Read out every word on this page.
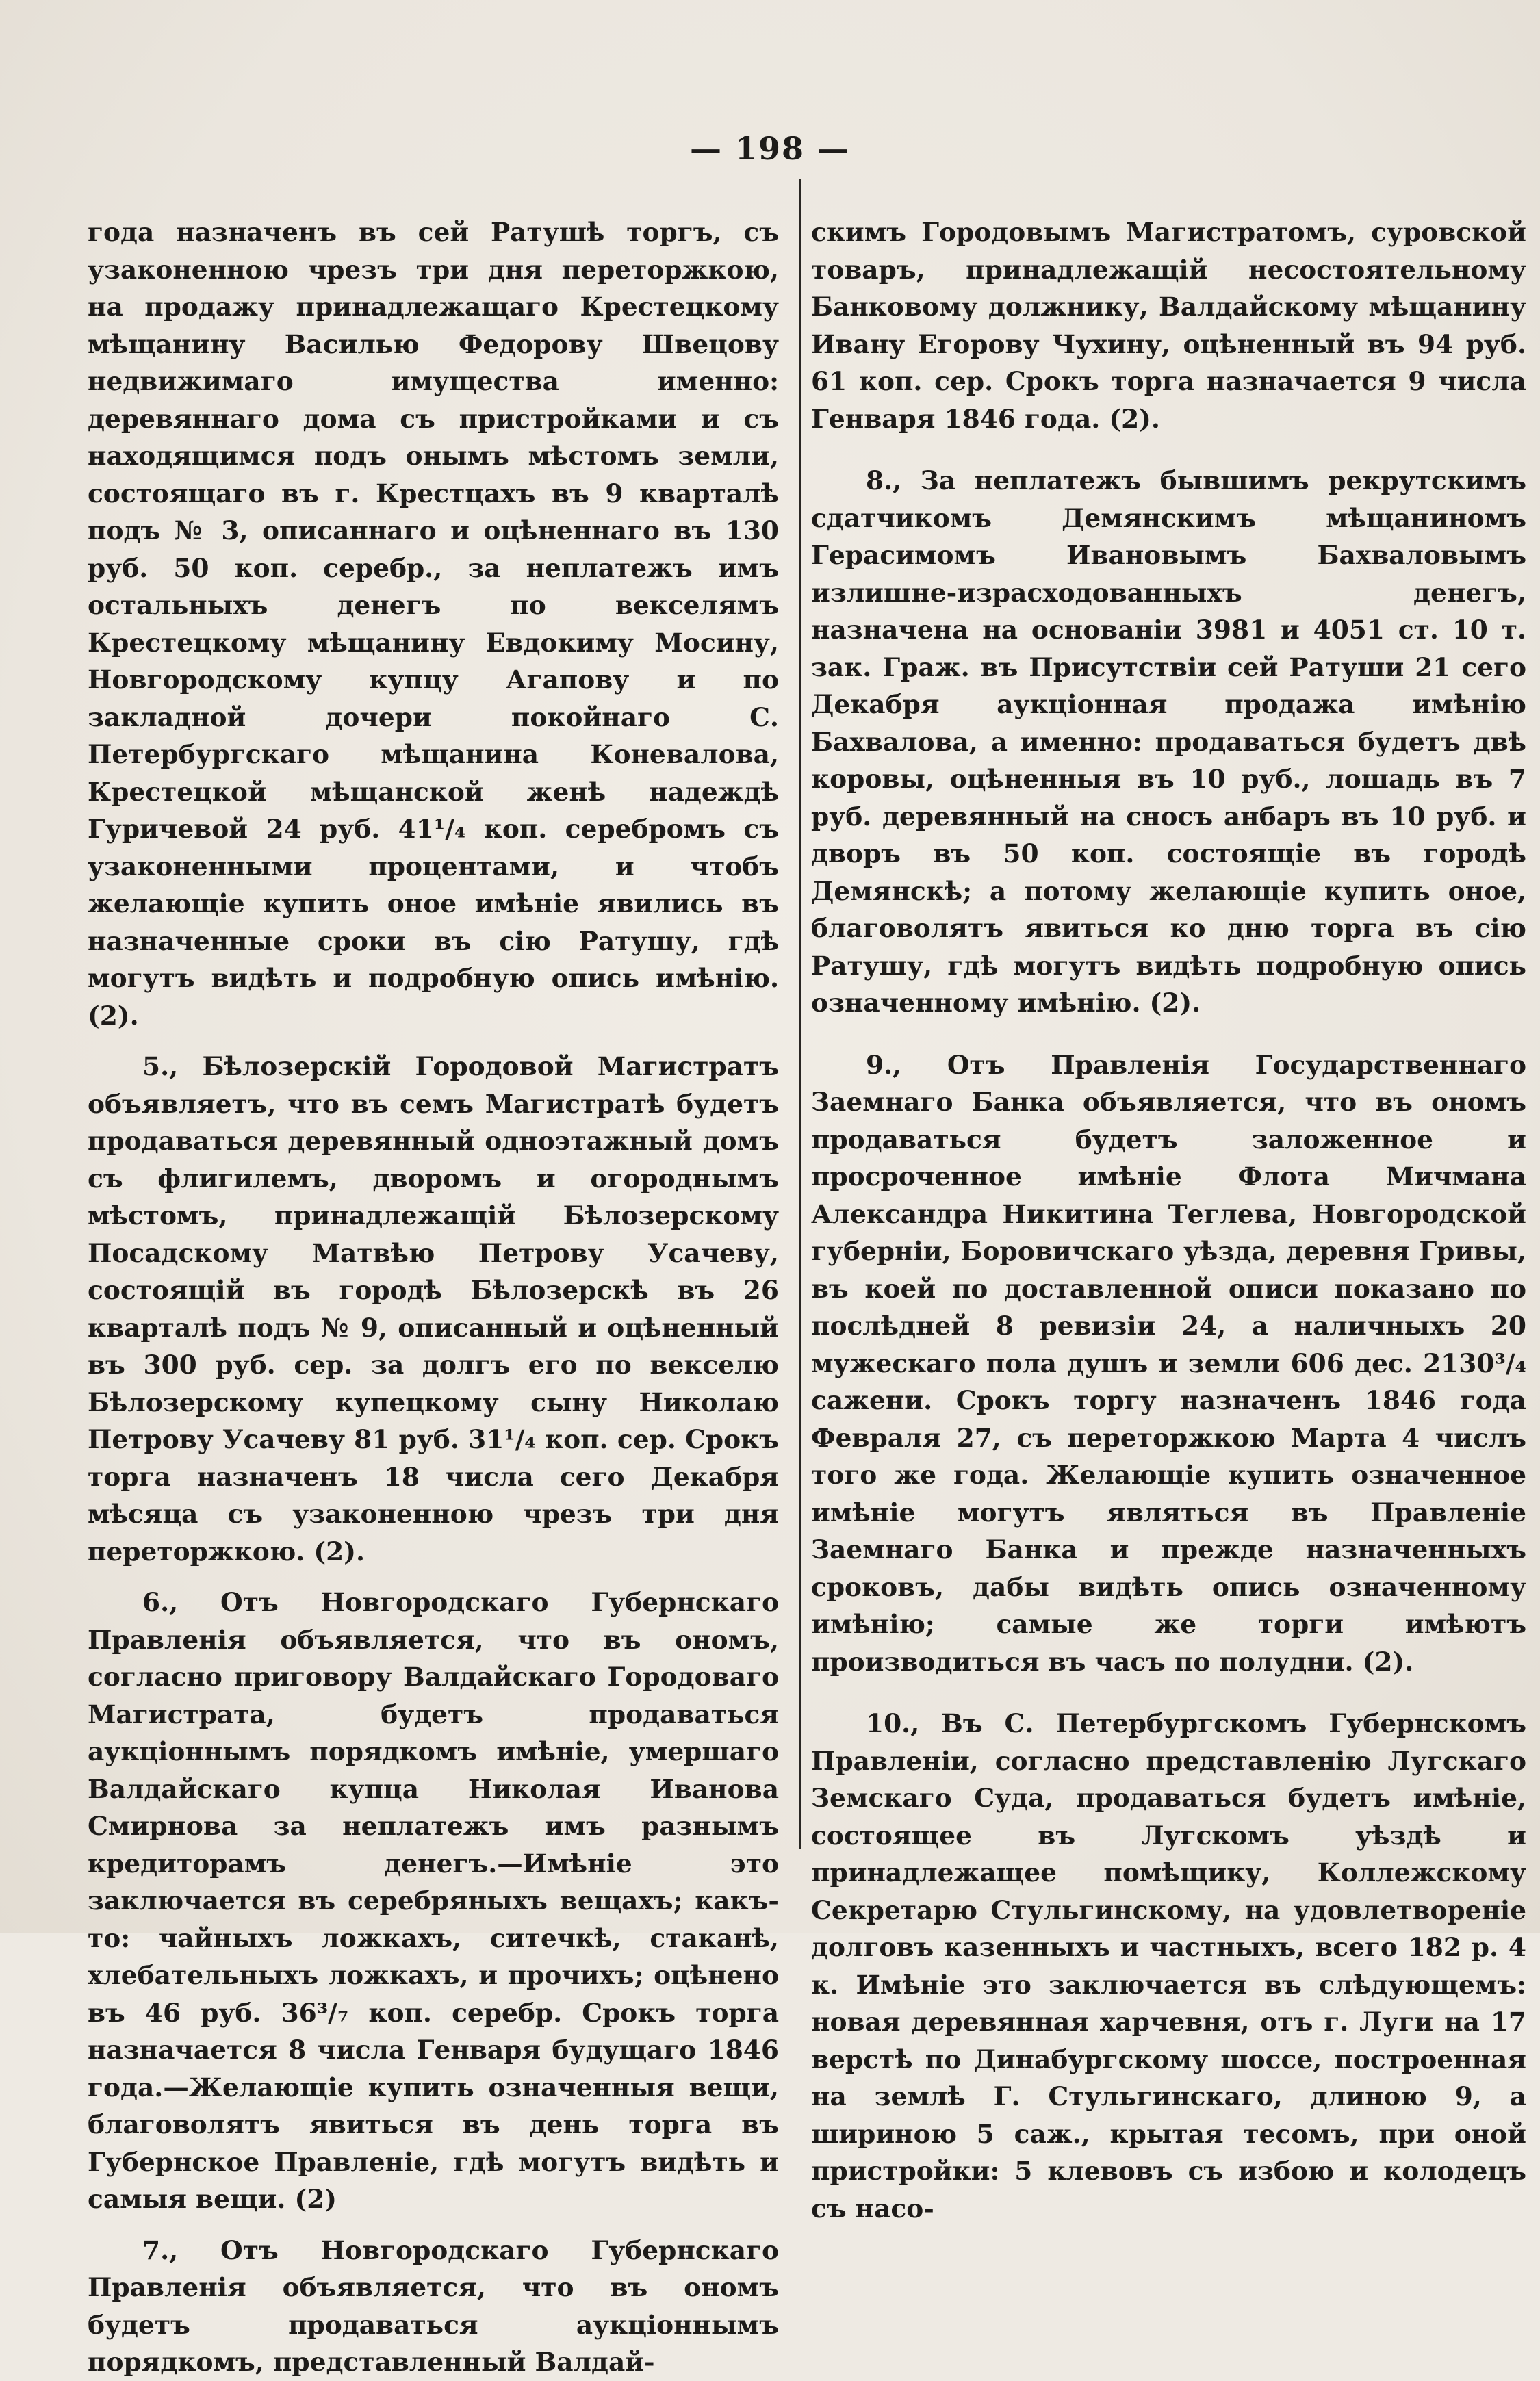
— 198 —

года назначенъ въ сей Ратушѣ торгъ, съ узаконенною чрезъ три дня переторжкою, на продажу принадлежащаго Крестецкому мѣщанину Василью Федорову Швецову недвижимаго имущества именно: деревяннаго дома съ пристройками и съ находящимся подъ онымъ мѣстомъ земли, состоящаго въ г. Крестцахъ въ 9 кварталѣ подъ № 3, описаннаго и оцѣненнаго въ 130 руб. 50 коп. серебр., за неплатежъ имъ остальныхъ денегъ по векселямъ Крестецкому мѣщанину Евдокиму Мосину, Новгородскому купцу Агапову и по закладной дочери покойнаго С. Петербургскаго мѣщанина Коневалова, Крестецкой мѣщанской женѣ надеждѣ Гуричевой 24 руб. 41¹/₄ коп. серебромъ съ узаконенными процентами, и чтобъ желающіе купить оное имѣніе явились въ назначенные сроки въ сію Ратушу, гдѣ могутъ видѣть и подробную опись имѣнію. (2).

5., Бѣлозерскій Городовой Магистратъ объявляетъ, что въ семъ Магистратѣ будетъ продаваться деревянный одноэтажный домъ съ флигилемъ, дворомъ и огороднымъ мѣстомъ, принадлежащій Бѣлозерскому Посадскому Матвѣю Петрову Усачеву, состоящій въ городѣ Бѣлозерскѣ въ 26 кварталѣ подъ № 9, описанный и оцѣненный въ 300 руб. сер. за долгъ его по векселю Бѣлозерскому купецкому сыну Николаю Петрову Усачеву 81 руб. 31¹/₄ коп. сер. Срокъ торга назначенъ 18 числа сего Декабря мѣсяца съ узаконенною чрезъ три дня переторжкою. (2).

6., Отъ Новгородскаго Губернскаго Правленія объявляется, что въ ономъ, согласно приговору Валдайскаго Городоваго Магистрата, будетъ продаваться аукціоннымъ порядкомъ имѣніе, умершаго Валдайскаго купца Николая Иванова Смирнова за неплатежъ имъ разнымъ кредиторамъ денегъ.—Имѣніе это заключается въ серебряныхъ вещахъ; какъ-то: чайныхъ ложкахъ, ситечкѣ, стаканѣ, хлебательныхъ ложкахъ, и прочихъ; оцѣнено въ 46 руб. 36³/₇ коп. серебр. Срокъ торга назначается 8 числа Генваря будущаго 1846 года.—Желающіе купить означенныя вещи, благоволятъ явиться въ день торга въ Губернское Правленіе, гдѣ могутъ видѣть и самыя вещи. (2)

7., Отъ Новгородскаго Губернскаго Правленія объявляется, что въ ономъ будетъ продаваться аукціоннымъ порядкомъ, представленный Валдай-

скимъ Городовымъ Магистратомъ, суровской товаръ, принадлежащій несостоятельному Банковому должнику, Валдайскому мѣщанину Ивану Егорову Чухину, оцѣненный въ 94 руб. 61 коп. сер. Срокъ торга назначается 9 числа Генваря 1846 года. (2).

8., За неплатежъ бывшимъ рекрутскимъ сдатчикомъ Демянскимъ мѣщаниномъ Герасимомъ Ивановымъ Бахваловымъ излишне-израсходованныхъ денегъ, назначена на основаніи 3981 и 4051 ст. 10 т. зак. Граж. въ Присутствіи сей Ратуши 21 сего Декабря аукціонная продажа имѣнію Бахвалова, а именно: продаваться будетъ двѣ коровы, оцѣненныя въ 10 руб., лошадь въ 7 руб. деревянный на сносъ анбаръ въ 10 руб. и дворъ въ 50 коп. состоящіе въ городѣ Демянскѣ; а потому желающіе купить оное, благоволятъ явиться ко дню торга въ сію Ратушу, гдѣ могутъ видѣть подробную опись означенному имѣнію. (2).

9., Отъ Правленія Государственнаго Заемнаго Банка объявляется, что въ ономъ продаваться будетъ заложенное и просроченное имѣніе Флота Мичмана Александра Никитина Теглева, Новгородской губерніи, Боровичскаго уѣзда, деревня Гривы, въ коей по доставленной описи показано по послѣдней 8 ревизіи 24, а наличныхъ 20 мужескаго пола душъ и земли 606 дес. 2130³/₄ сажени. Срокъ торгу назначенъ 1846 года Февраля 27, съ переторжкою Марта 4 числъ того же года. Желающіе купить означенное имѣніе могутъ являться въ Правленіе Заемнаго Банка и прежде назначенныхъ сроковъ, дабы видѣть опись означенному имѣнію; самые же торги имѣютъ производиться въ часъ по полудни. (2).

10., Въ С. Петербургскомъ Губернскомъ Правленіи, согласно представленію Лугскаго Земскаго Суда, продаваться будетъ имѣніе, состоящее въ Лугскомъ уѣздѣ и принадлежащее помѣщику, Коллежскому Секретарю Стульгинскому, на удовлетвореніе долговъ казенныхъ и частныхъ, всего 182 р. 4 к. Имѣніе это заключается въ слѣдующемъ: новая деревянная харчевня, отъ г. Луги на 17 верстѣ по Динабургскому шоссе, построенная на землѣ Г. Стульгинскаго, длиною 9, а шириною 5 саж., крытая тесомъ, при оной пристройки: 5 клевовъ съ избою и колодецъ съ насо-
